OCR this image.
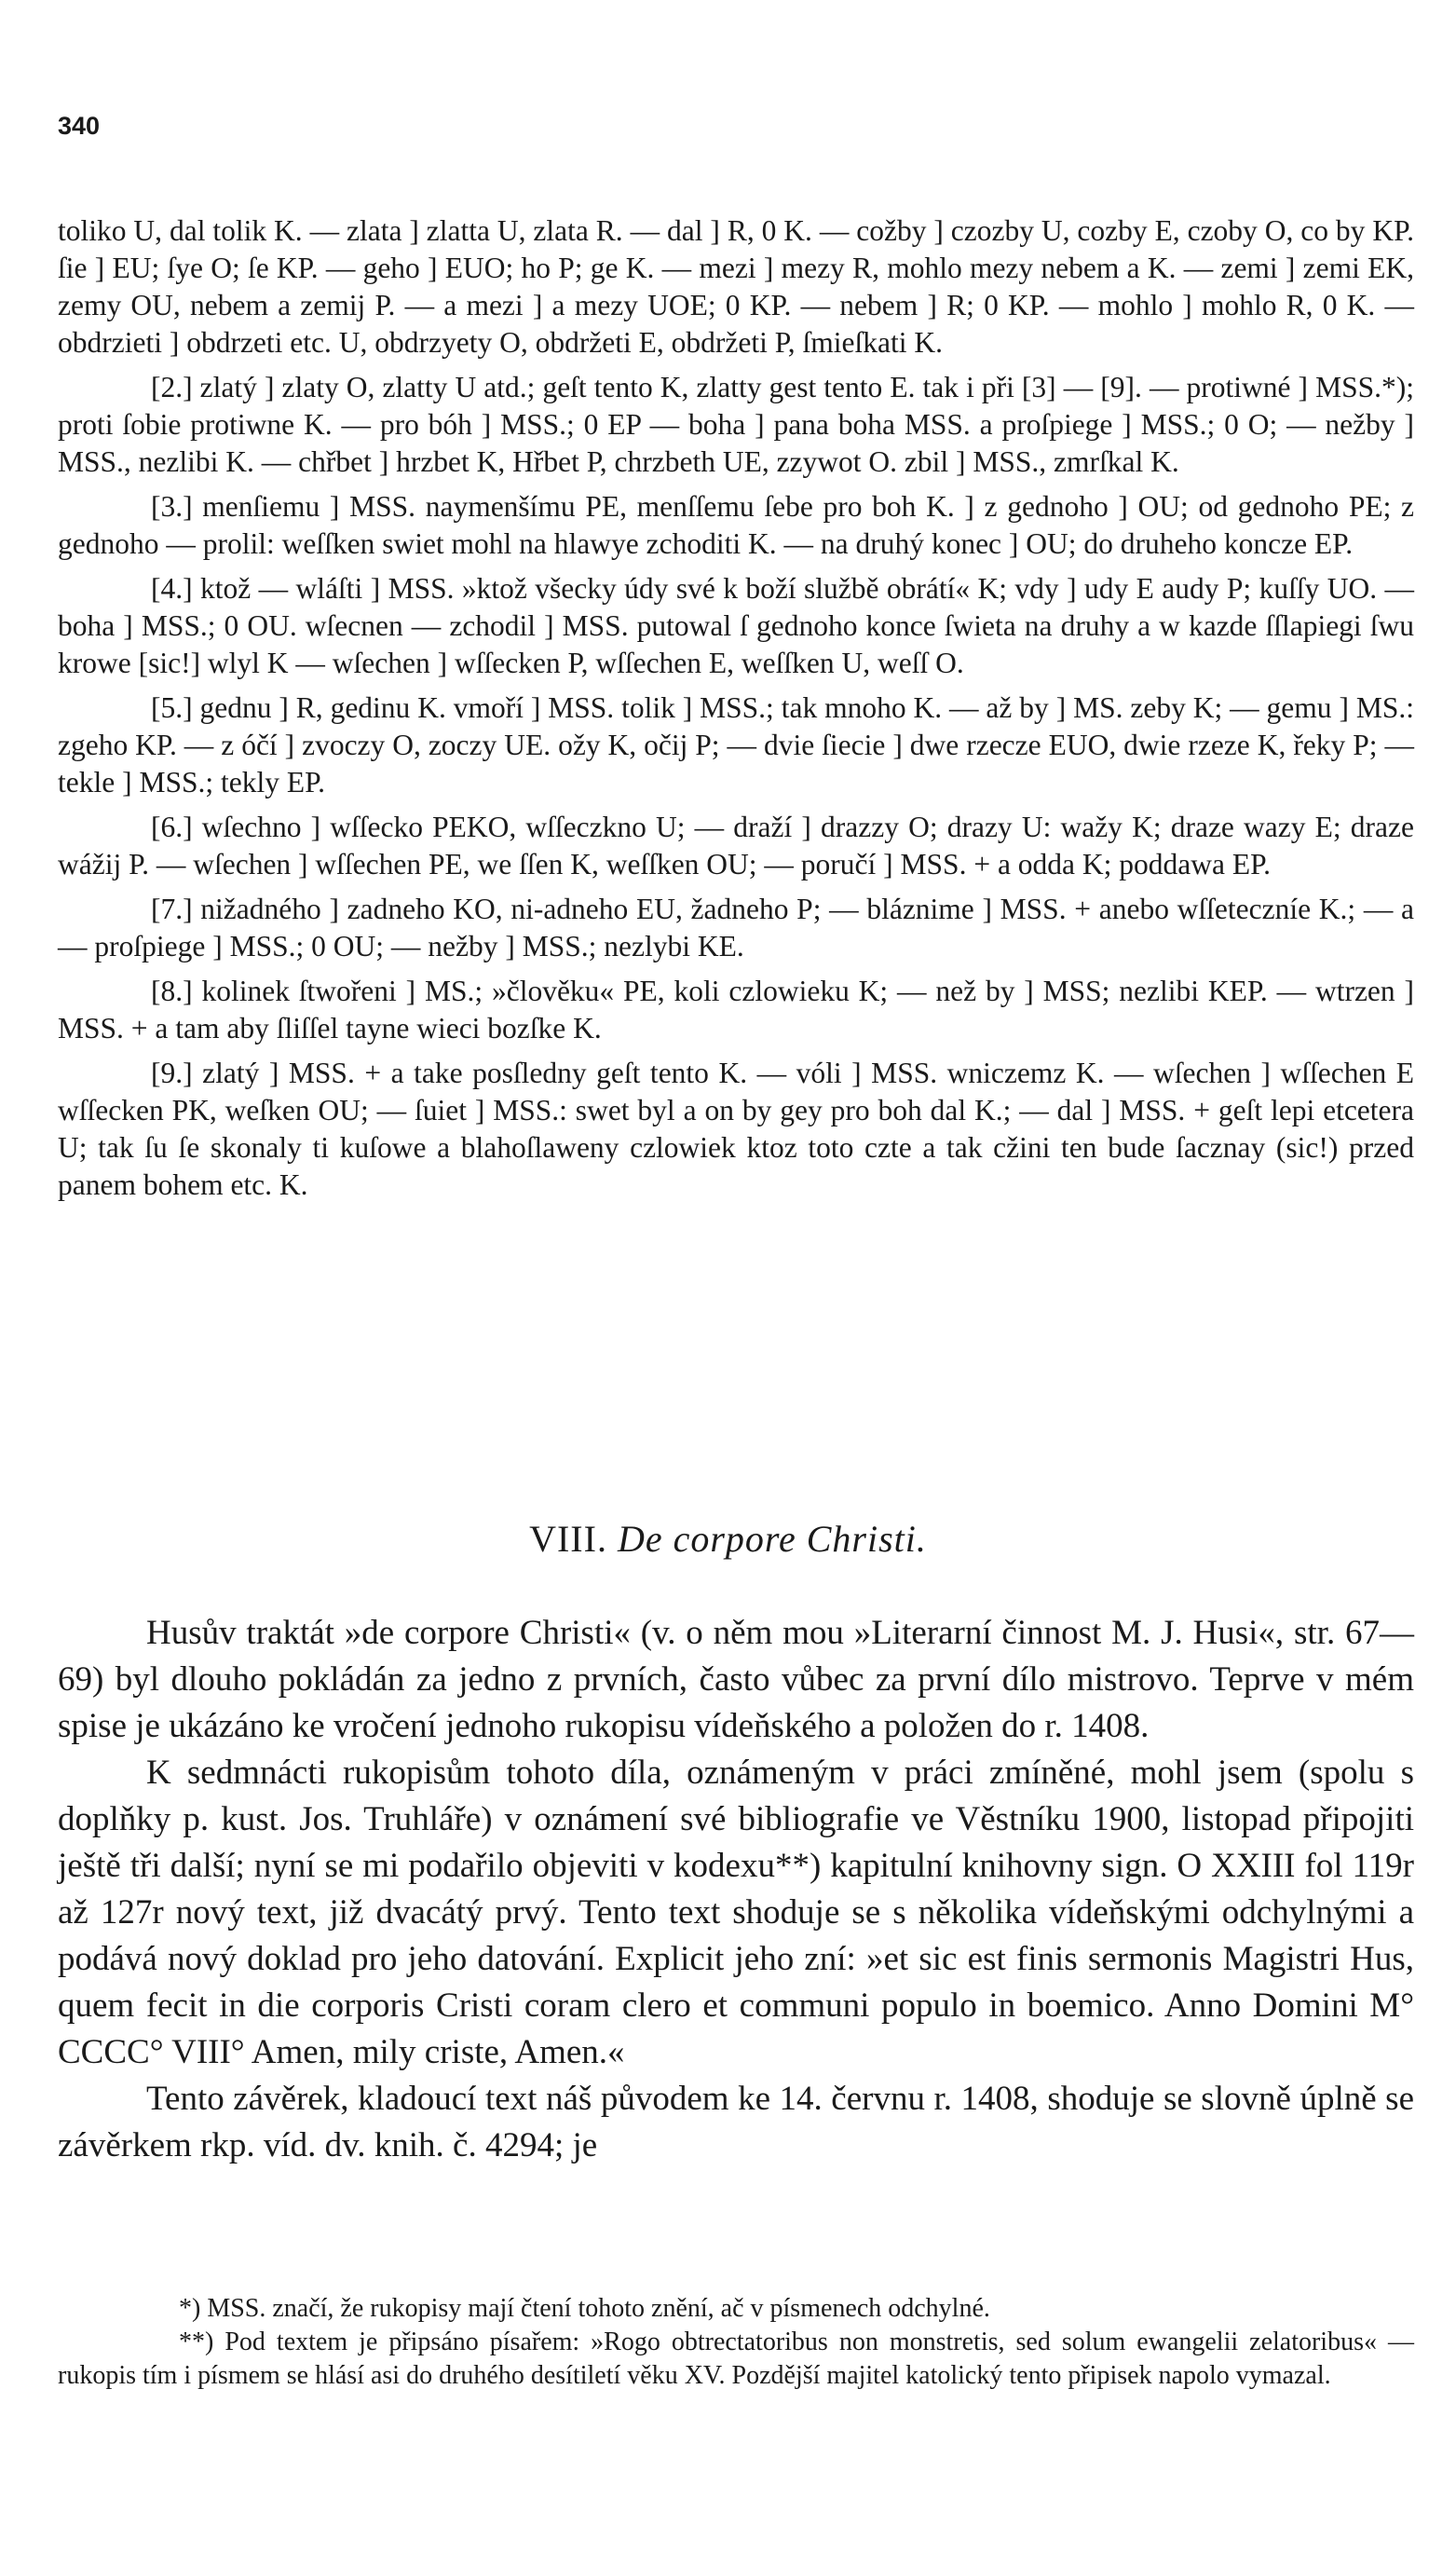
340

toliko U, dal tolik K. — zlata ] zlatta U, zlata R. — dal ] R, 0 K. — cožby ] czozby U, cozby E, czoby O, co by KP. ſie ] EU; ſye O; ſe KP. — geho ] EUO; ho P; ge K. — mezi ] mezy R, mohlo mezy nebem a K. — zemi ] zemi EK, zemy OU, nebem a zemij P. — a mezi ] a mezy UOE; 0 KP. — nebem ] R; 0 KP. — mohlo ] mohlo R, 0 K. — obdrzieti ] obdrzeti etc. U, obdrzyety O, obdržeti E, obdržeti P, ſmieſkati K.

[2.] zlatý ] zlaty O, zlatty U atd.; geſt tento K, zlatty gest tento E. tak i při [3] — [9]. — protiwné ] MSS.*); proti ſobie protiwne K. — pro bóh ] MSS.; 0 EP — boha ] pana boha MSS. a proſpiege ] MSS.; 0 O; — nežby ] MSS., nezlibi K. — chřbet ] hrzbet K, Hřbet P, chrzbeth UE, zzywot O. zbil ] MSS., zmrſkal K.

[3.] menſiemu ] MSS. naymenšímu PE, menſſemu ſebe pro boh K. ] z gednoho ] OU; od gednoho PE; z gednoho — prolil: weſſken swiet mohl na hlawye zchoditi K. — na druhý konec ] OU; do druheho koncze EP.

[4.] ktož — wláſti ] MSS. »ktož všecky údy své k boží službě obrátí« K; vdy ] udy E audy P; kuſſy UO. — boha ] MSS.; 0 OU. wſecnen — zchodil ] MSS. putowal ſ gednoho konce ſwieta na druhy a w kazde ſſlapiegi ſwu krowe [sic!] wlyl K — wſechen ] wſſecken P, wſſechen E, weſſken U, weſſ O.

[5.] gednu ] R, gedinu K. vmoří ] MSS. tolik ] MSS.; tak mnoho K. — až by ] MS. zeby K; — gemu ] MS.: zgeho KP. — z óčí ] zvoczy O, zoczy UE. ožy K, očij P; — dvie ſiecie ] dwe rzecze EUO, dwie rzeze K, řeky P; — tekle ] MSS.; tekly EP.

[6.] wſechno ] wſſecko PEKO, wſſeczkno U; — draží ] drazzy O; drazy U: wažy K; draze wazy E; draze wážij P. — wſechen ] wſſechen PE, we ſſen K, weſſken OU; — poručí ] MSS. + a odda K; poddawa EP.

[7.] nižadného ] zadneho KO, ni-adneho EU, žadneho P; — bláznime ] MSS. + anebo wſſeteczníe K.; — a — proſpiege ] MSS.; 0 OU; — nežby ] MSS.; nezlybi KE.

[8.] kolinek ſtwořeni ] MS.; »člověku« PE, koli czlowieku K; — než by ] MSS; nezlibi KEP. — wtrzen ] MSS. + a tam aby ſliſſel tayne wieci bozſke K.

[9.] zlatý ] MSS. + a take posſledny geſt tento K. — vóli ] MSS. wniczemz K. — wſechen ] wſſechen E wſſecken PK, weſken OU; — ſuiet ] MSS.: swet byl a on by gey pro boh dal K.; — dal ] MSS. + geſt lepi etcetera U; tak ſu ſe skonaly ti kuſowe a blahoſlaweny czlowiek ktoz toto czte a tak cžini ten bude ſacznay (sic!) przed panem bohem etc. K.

VIII. De corpore Christi.

Husův traktát »de corpore Christi« (v. o něm mou »Literarní činnost M. J. Husi«, str. 67—69) byl dlouho pokládán za jedno z prvních, často vůbec za první dílo mistrovo. Teprve v mém spise je ukázáno ke vročení jednoho rukopisu vídeňského a položen do r. 1408.

K sedmnácti rukopisům tohoto díla, oznámeným v práci zmíněné, mohl jsem (spolu s doplňky p. kust. Jos. Truhláře) v oznámení své bibliografie ve Věstníku 1900, listopad připojiti ještě tři další; nyní se mi podařilo objeviti v kodexu**) kapitulní knihovny sign. O XXIII fol 119r až 127r nový text, již dvacátý prvý. Tento text shoduje se s několika vídeňskými odchylnými a podává nový doklad pro jeho datování. Explicit jeho zní: »et sic est finis sermonis Magistri Hus, quem fecit in die corporis Cristi coram clero et communi populo in boemico. Anno Domini M° CCCC° VIII° Amen, mily criste, Amen.«

Tento závěrek, kladoucí text náš původem ke 14. červnu r. 1408, shoduje se slovně úplně se závěrkem rkp. víd. dv. knih. č. 4294; je

*) MSS. značí, že rukopisy mají čtení tohoto znění, ač v písmenech odchylné.

**) Pod textem je připsáno písařem: »Rogo obtrectatoribus non monstretis, sed solum ewangelii zelatoribus« — rukopis tím i písmem se hlásí asi do druhého desítiletí věku XV. Pozdější majitel katolický tento připisek napolo vymazal.
